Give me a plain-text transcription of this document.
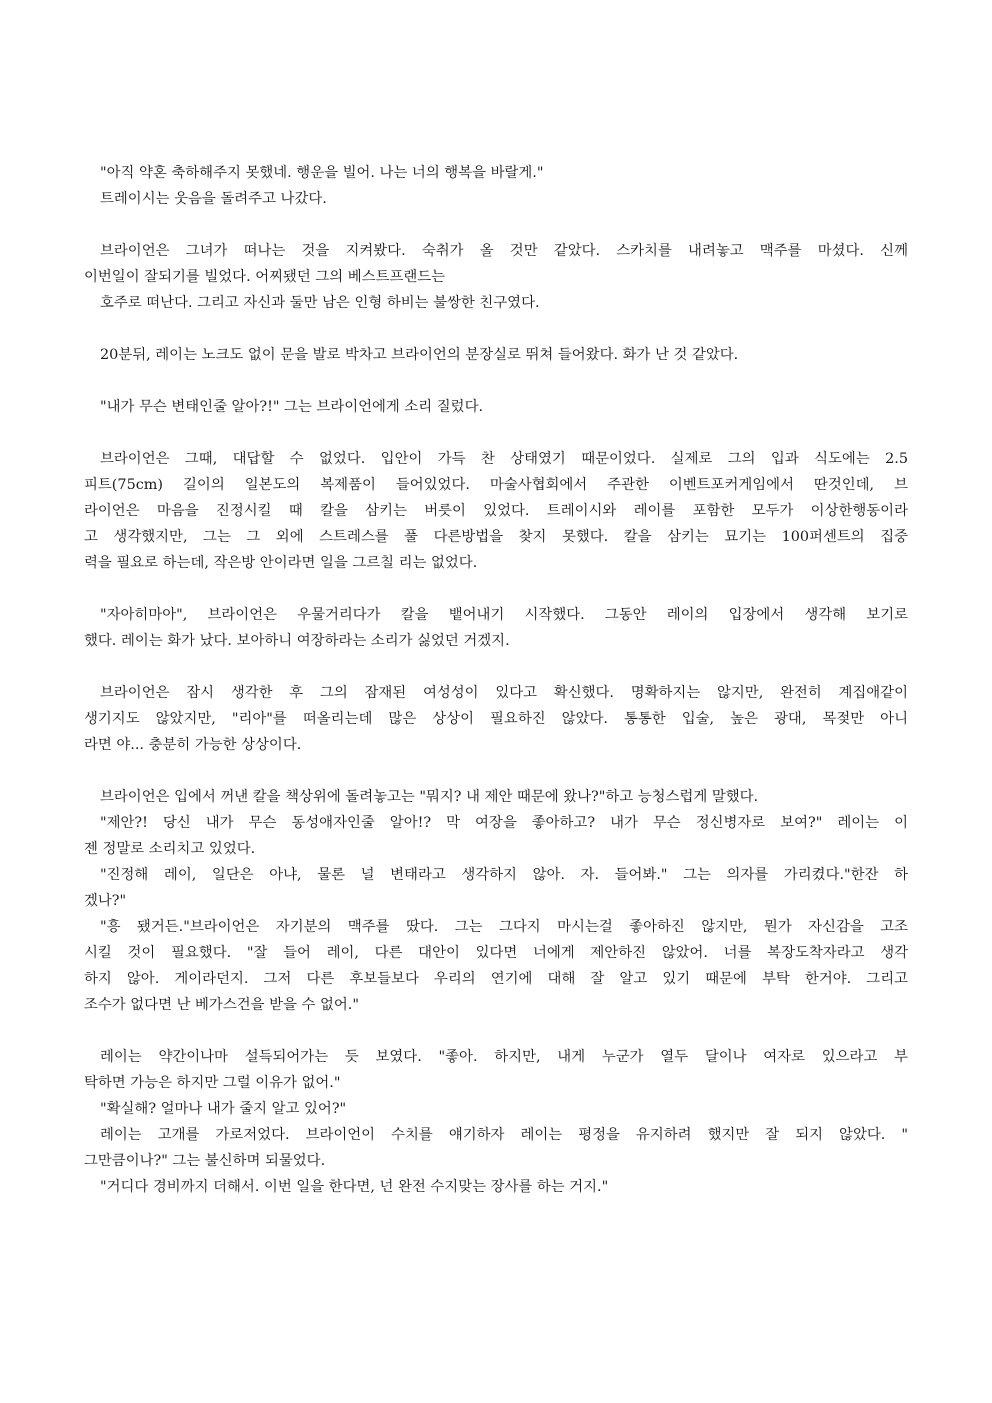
"아직 약혼 축하해주지 못했네. 행운을 빌어. 나는 너의 행복을 바랄게."
트레이시는 웃음을 돌려주고 나갔다.
브라이언은 그녀가 떠나는 것을 지켜봤다. 숙취가 올 것만 같았다. 스카치를 내려놓고 맥주를 마셨다. 신께
이번일이 잘되기를 빌었다. 어찌됐던 그의 베스트프랜드는
호주로 떠난다. 그리고 자신과 둘만 남은 인형 하비는 불쌍한 친구였다.
20분뒤, 레이는 노크도 없이 문을 발로 박차고 브라이언의 분장실로 뛰쳐 들어왔다. 화가 난 것 같았다.
"내가 무슨 변태인줄 알아?!" 그는 브라이언에게 소리 질렀다.
브라이언은 그때, 대답할 수 없었다. 입안이 가득 찬 상태였기 때문이었다. 실제로 그의 입과 식도에는 2.5
피트(75cm) 길이의 일본도의 복제품이 들어있었다. 마술사협회에서 주관한 이벤트포커게임에서 딴것인데, 브
라이언은 마음을 진정시킬 때 칼을 삼키는 버릇이 있었다. 트레이시와 레이를 포함한 모두가 이상한행동이라
고 생각했지만, 그는 그 외에 스트레스를 풀 다른방법을 찾지 못했다. 칼을 삼키는 묘기는 100퍼센트의 집중
력을 필요로 하는데, 작은방 안이라면 일을 그르칠 리는 없었다.
"자아히마아", 브라이언은 우물거리다가 칼을 뱉어내기 시작했다. 그동안 레이의 입장에서 생각해 보기로
했다. 레이는 화가 났다. 보아하니 여장하라는 소리가 싫었던 거겠지.
브라이언은 잠시 생각한 후 그의 잠재된 여성성이 있다고 확신했다. 명확하지는 않지만, 완전히 계집애같이
생기지도 않았지만, "리아"를 떠올리는데 많은 상상이 필요하진 않았다. 통통한 입술, 높은 광대, 목젖만 아니
라면 야... 충분히 가능한 상상이다.
브라이언은 입에서 꺼낸 칼을 책상위에 돌려놓고는 "뭐지? 내 제안 때문에 왔나?"하고 능청스럽게 말했다.
"제안?! 당신 내가 무슨 동성애자인줄 알아!? 막 여장을 좋아하고? 내가 무슨 정신병자로 보여?" 레이는 이
젠 정말로 소리치고 있었다.
"진정해 레이, 일단은 아냐, 물론 널 변태라고 생각하지 않아. 자. 들어봐." 그는 의자를 가리켰다."한잔 하
겠나?"
"흥 됐거든."브라이언은 자기분의 맥주를 땄다. 그는 그다지 마시는걸 좋아하진 않지만, 뭔가 자신감을 고조
시킬 것이 필요했다. "잘 들어 레이, 다른 대안이 있다면 너에게 제안하진 않았어. 너를 복장도착자라고 생각
하지 않아. 게이라던지. 그저 다른 후보들보다 우리의 연기에 대해 잘 알고 있기 때문에 부탁 한거야. 그리고
조수가 없다면 난 베가스건을 받을 수 없어."
레이는 약간이나마 설득되어가는 듯 보였다. "좋아. 하지만, 내게 누군가 열두 달이나 여자로 있으라고 부
탁하면 가능은 하지만 그럴 이유가 없어."
"확실해? 얼마나 내가 줄지 알고 있어?"
레이는 고개를 가로저었다. 브라이언이 수치를 얘기하자 레이는 평정을 유지하려 했지만 잘 되지 않았다. "
그만큼이나?" 그는 불신하며 되물었다.
"거디다 경비까지 더해서. 이번 일을 한다면, 넌 완전 수지맞는 장사를 하는 거지."
